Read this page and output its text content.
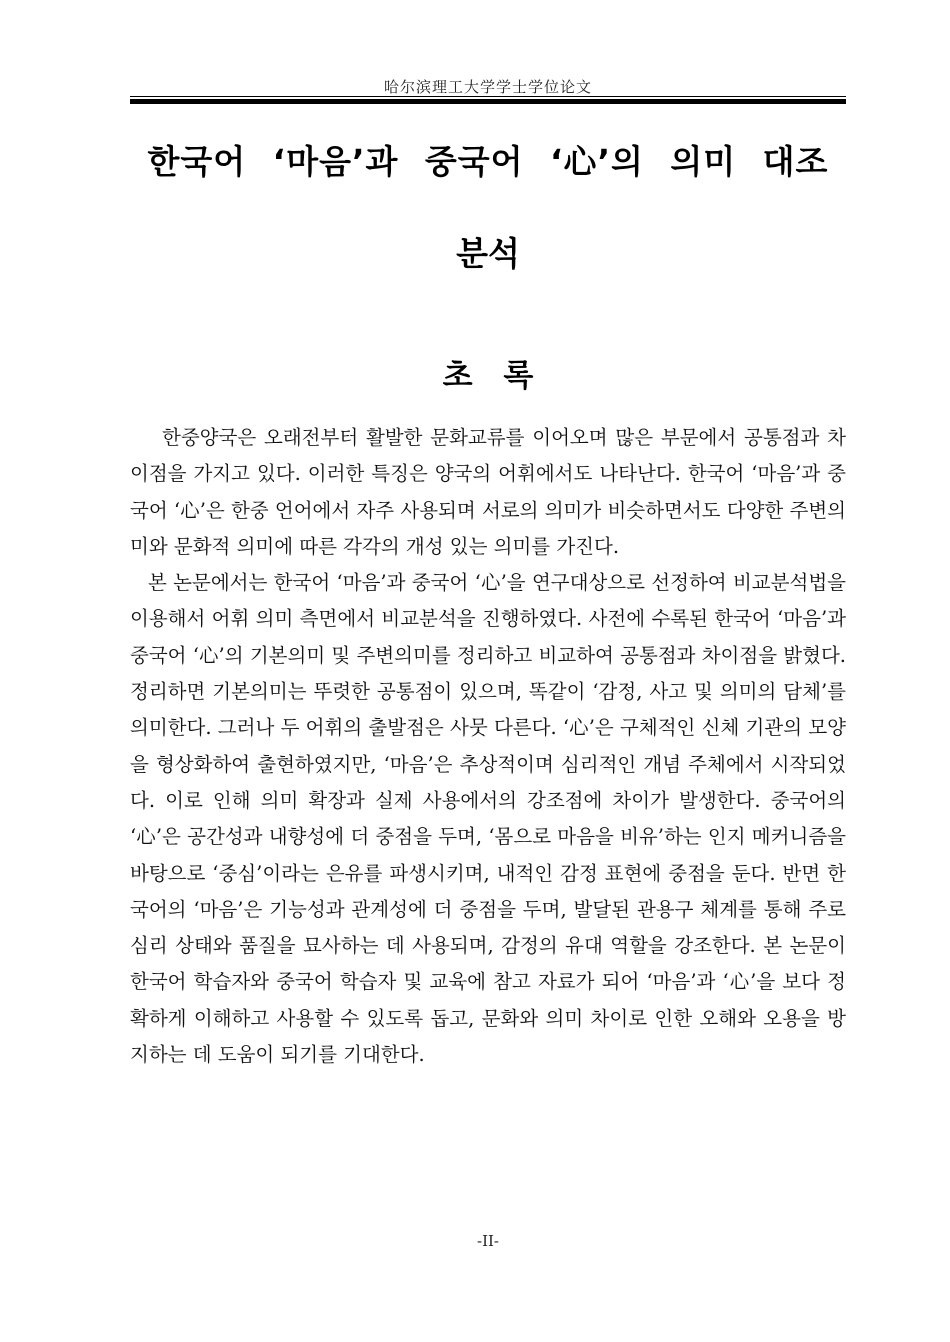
哈尔滨理工大学学士学位论文
한국어 ‘마음’과 중국어 ‘心’의 의미 대조
분석
초 록

한중양국은 오래전부터 활발한 문화교류를 이어오며 많은 부문에서 공통점과 차이점을 가지고 있다. 이러한 특징은 양국의 어휘에서도 나타난다. 한국어 ‘마음’과 중국어 ‘心’은 한중 언어에서 자주 사용되며 서로의 의미가 비슷하면서도 다양한 주변의미와 문화적 의미에 따른 각각의 개성 있는 의미를 가진다.

본 논문에서는 한국어 ‘마음’과 중국어 ‘心’을 연구대상으로 선정하여 비교분석법을 이용해서 어휘 의미 측면에서 비교분석을 진행하였다. 사전에 수록된 한국어 ‘마음’과 중국어 ‘心’의 기본의미 및 주변의미를 정리하고 비교하여 공통점과 차이점을 밝혔다. 정리하면 기본의미는 뚜렷한 공통점이 있으며, 똑같이 ‘감정, 사고 및 의미의 담체’를 의미한다. 그러나 두 어휘의 출발점은 사뭇 다른다. ‘心’은 구체적인 신체 기관의 모양을 형상화하여 출현하였지만, ‘마음’은 추상적이며 심리적인 개념 주체에서 시작되었다. 이로 인해 의미 확장과 실제 사용에서의 강조점에 차이가 발생한다. 중국어의 ‘心’은 공간성과 내향성에 더 중점을 두며, ‘몸으로 마음을 비유’하는 인지 메커니즘을 바탕으로 ‘중심’이라는 은유를 파생시키며, 내적인 감정 표현에 중점을 둔다. 반면 한국어의 ‘마음’은 기능성과 관계성에 더 중점을 두며, 발달된 관용구 체계를 통해 주로 심리 상태와 품질을 묘사하는 데 사용되며, 감정의 유대 역할을 강조한다. 본 논문이 한국어 학습자와 중국어 학습자 및 교육에 참고 자료가 되어 ‘마음’과 ‘心’을 보다 정확하게 이해하고 사용할 수 있도록 돕고, 문화와 의미 차이로 인한 오해와 오용을 방지하는 데 도움이 되기를 기대한다.

-II-
